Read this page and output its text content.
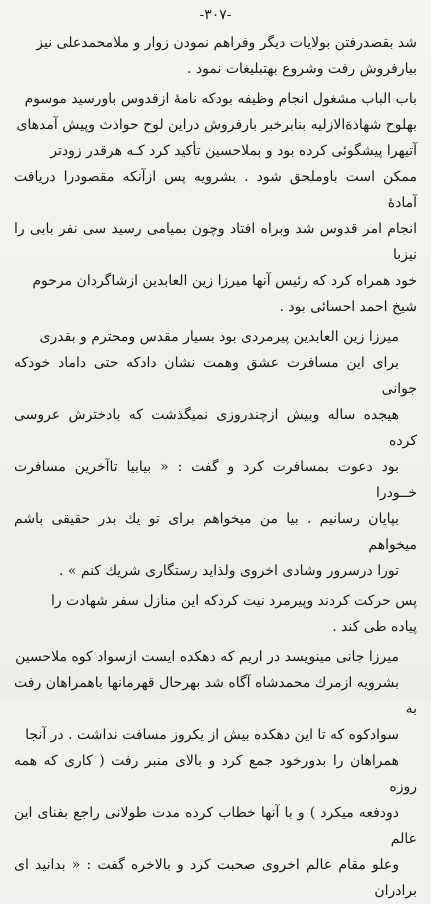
-٣٠٧-

شد بقصدرفتن بولایات دیگر وفراهم نمودن زوار و ملامحمدعلی نیز
بیارفروش رفت وشروع بهتبلیغات نمود .

باب الباب مشغول انجام وظیفه بودکه نامهٔ ازقدوس باورسید موسوم
بهلوح شهادةالازلیه بنابرخبر بارفروش دراین لوح حوادث وپیش آمدهای
آتیهرا پیشگوئی کرده بود و بملاحسین تأکید کرد کـه هرقدر زودتر
ممکن است باوملحق شود . بشرویه پس ازآنکه مقصودرا دریافت آمادهٔ
انجام امر قدوس شد وبراه افتاد وچون بمیامی رسید سی نفر بابی را نیزبا
خود همراه کرد که رئیس آنها میرزا زین العابدین ازشاگردان مرحوم
شیخ احمد احسائی بود .

میرزا زین العابدین پیرمردی بود بسیار مقدس ومحترم و بقدری
برای این مسافرت عشق وهمت نشان دادکه حتی داماد خودکه جوانی
هیجده ساله وبیش ازچندروزی نمیگذشت که بادخترش عروسی کرده
بود دعوت بمسافرت کرد و گفت : « بیابیا تاآخرین مسافرت خــودرا
بپایان رسانیم . بیا من میخواهم برای تو یك بدر حقیقی باشم میخواهم
تورا درسرور وشادی اخروی ولذاید رستگاری شریك کنم » .

پس حرکت کردند وپیرمرد نیت کردکه این منازل سفر شهادت را
پیاده طی کند .

میرزا جانی مینویسد در اریم که دهکده ایست ازسواد کوه ملاحسین
بشرویه ازمرك محمدشاه آگاه شد بهرحال قهرمانها باهمراهان رفت به
سوادکوه که تا این دهکده بیش از یکروز مسافت نداشت . در آنجا
همراهان را بدورخود جمع کرد و بالای منبر رفت ( کاری که همه روزه
دودفعه میکرد ) و با آنها خطاب کرده مدت طولانی راجع بفنای این عالم
وعلو مقام عالم اخروی صحبت کرد و بالاخره گفت : « بدانید ای برادران
